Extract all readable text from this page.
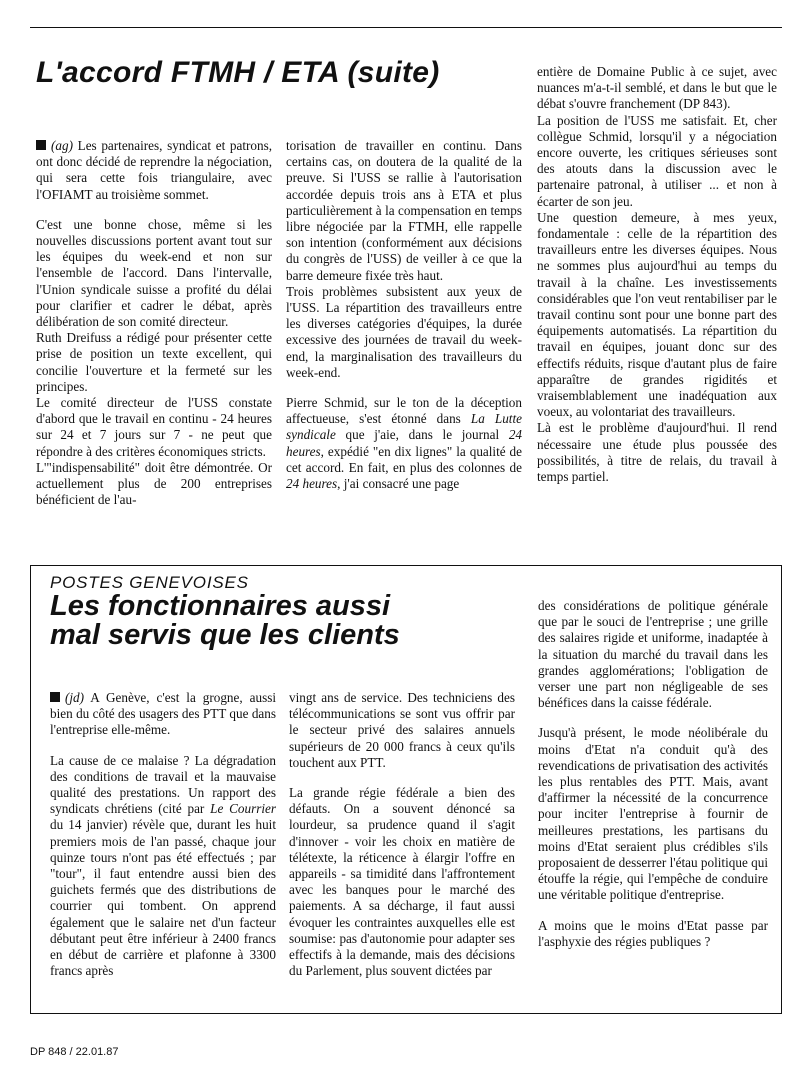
L'accord FTMH / ETA (suite)

(ag) Les partenaires, syndicat et patrons, ont donc décidé de reprendre la négociation, qui sera cette fois triangulaire, avec l'OFIAMT au troisième sommet.

C'est une bonne chose, même si les nouvelles discussions portent avant tout sur les équipes du week-end et non sur l'ensemble de l'accord. Dans l'intervalle, l'Union syndicale suisse a profité du délai pour clarifier et cadrer le débat, après délibération de son comité directeur.

Ruth Dreifuss a rédigé pour présenter cette prise de position un texte excellent, qui concilie l'ouverture et la fermeté sur les principes.

Le comité directeur de l'USS constate d'abord que le travail en continu - 24 heures sur 24 et 7 jours sur 7 - ne peut que répondre à des critères économiques stricts.

L'"indispensabilité" doit être démontrée. Or actuellement plus de 200 entreprises bénéficient de l'au-

torisation de travailler en continu. Dans certains cas, on doutera de la qualité de la preuve. Si l'USS se rallie à l'autorisation accordée depuis trois ans à ETA et plus particulièrement à la compensation en temps libre négociée par la FTMH, elle rappelle son intention (conformément aux décisions du congrès de l'USS) de veiller à ce que la barre demeure fixée très haut.

Trois problèmes subsistent aux yeux de l'USS. La répartition des travailleurs entre les diverses catégories d'équipes, la durée excessive des journées de travail du week-end, la marginalisation des travailleurs du week-end.

Pierre Schmid, sur le ton de la déception affectueuse, s'est étonné dans La Lutte syndicale que j'aie, dans le journal 24 heures, expédié "en dix lignes" la qualité de cet accord. En fait, en plus des colonnes de 24 heures, j'ai consacré une page

entière de Domaine Public à ce sujet, avec nuances m'a-t-il semblé, et dans le but que le débat s'ouvre franchement (DP 843).

La position de l'USS me satisfait. Et, cher collègue Schmid, lorsqu'il y a négociation encore ouverte, les critiques sérieuses sont des atouts dans la discussion avec le partenaire patronal, à utiliser ... et non à écarter de son jeu.

Une question demeure, à mes yeux, fondamentale : celle de la répartition des travailleurs entre les diverses équipes. Nous ne sommes plus aujourd'hui au temps du travail à la chaîne. Les investissements considérables que l'on veut rentabiliser par le travail continu sont pour une bonne part des équipements automatisés. La répartition du travail en équipes, jouant donc sur des effectifs réduits, risque d'autant plus de faire apparaître de grandes rigidités et vraisemblablement une inadéquation aux voeux, au volontariat des travailleurs.

Là est le problème d'aujourd'hui. Il rend nécessaire une étude plus poussée des possibilités, à titre de relais, du travail à temps partiel.

POSTES GENEVOISES
Les fonctionnaires aussi
mal servis que les clients

(jd) A Genève, c'est la grogne, aussi bien du côté des usagers des PTT que dans l'entreprise elle-même.

La cause de ce malaise ? La dégradation des conditions de travail et la mauvaise qualité des prestations. Un rapport des syndicats chrétiens (cité par Le Courrier du 14 janvier) révèle que, durant les huit premiers mois de l'an passé, chaque jour quinze tours n'ont pas été effectués ; par "tour", il faut entendre aussi bien des guichets fermés que des distributions de courrier qui tombent. On apprend également que le salaire net d'un facteur débutant peut être inférieur à 2400 francs en début de carrière et plafonne à 3300 francs après

vingt ans de service. Des techniciens des télécommunications se sont vus offrir par le secteur privé des salaires annuels supérieurs de 20 000 francs à ceux qu'ils touchent aux PTT.

La grande régie fédérale a bien des défauts. On a souvent dénoncé sa lourdeur, sa prudence quand il s'agit d'innover - voir les choix en matière de télétexte, la réticence à élargir l'offre en appareils - sa timidité dans l'affrontement avec les banques pour le marché des paiements. A sa décharge, il faut aussi évoquer les contraintes auxquelles elle est soumise: pas d'autonomie pour adapter ses effectifs à la demande, mais des décisions du Parlement, plus souvent dictées par

des considérations de politique générale que par le souci de l'entreprise ; une grille des salaires rigide et uniforme, inadaptée à la situation du marché du travail dans les grandes agglomérations; l'obligation de verser une part non négligeable de ses bénéfices dans la caisse fédérale.

Jusqu'à présent, le mode néolibérale du moins d'Etat n'a conduit qu'à des revendications de privatisation des activités les plus rentables des PTT. Mais, avant d'affirmer la nécessité de la concurrence pour inciter l'entreprise à fournir de meilleures prestations, les partisans du moins d'Etat seraient plus crédibles s'ils proposaient de desserrer l'étau politique qui étouffe la régie, qui l'empêche de conduire une véritable politique d'entreprise.

A moins que le moins d'Etat passe par l'asphyxie des régies publiques ?

DP 848 / 22.01.87
